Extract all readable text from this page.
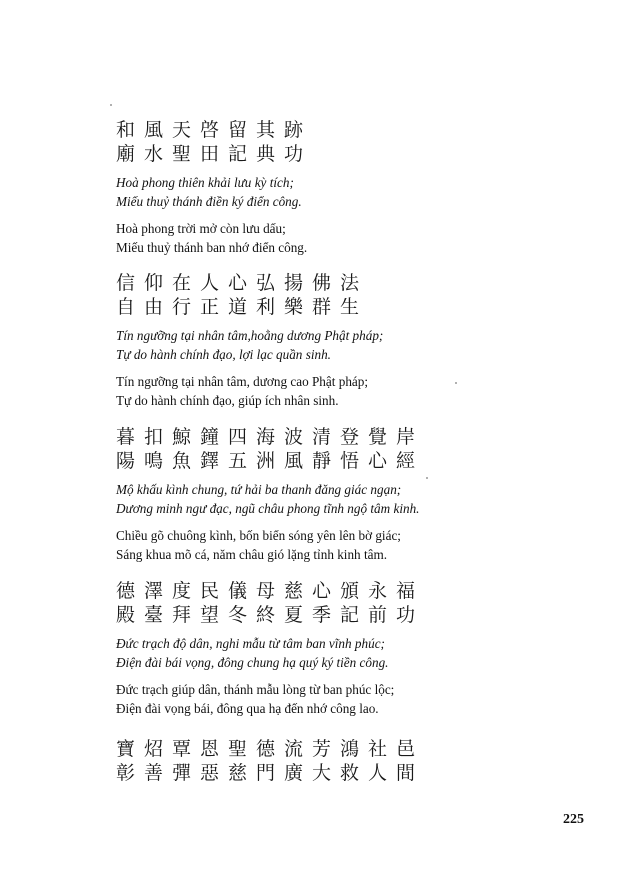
和風天啓留其跡
廟水聖田記典功
Hoà phong thiên khải lưu kỳ tích;
Miếu thuỷ thánh điền ký điển công.
Hoà phong trời mở còn lưu dấu;
Miếu thuỷ thánh ban nhớ điển công.
信仰在人心弘揚佛法
自由行正道利樂群生
Tín ngưỡng tại nhân tâm,hoằng dương Phật pháp;
Tự do hành chính đạo, lợi lạc quần sinh.
Tín ngưỡng tại nhân tâm, dương cao Phật pháp;
Tự do hành chính đạo, giúp ích nhân sinh.
暮扣鯨鐘四海波清登覺岸
陽鳴魚鐸五洲風靜悟心經
Mộ khấu kình chung, tứ hải ba thanh đăng giác ngạn;
Dương minh ngư đạc, ngũ châu phong tĩnh ngộ tâm kinh.
Chiều gõ chuông kình, bốn biển sóng yên lên bờ giác;
Sáng khua mõ cá, năm châu gió lặng tỉnh kinh tâm.
德澤度民儀母慈心頒永福
殿臺拜望冬終夏季記前功
Đức trạch độ dân, nghi mẫu từ tâm ban vĩnh phúc;
Điện đài bái vọng, đông chung hạ quý ký tiền công.
Đức trạch giúp dân, thánh mẫu lòng từ ban phúc lộc;
Điện đài vọng bái, đông qua hạ đến nhớ công lao.
寶炤覃恩聖德流芳鴻社邑
彰善彈惡慈門廣大救人間
225
